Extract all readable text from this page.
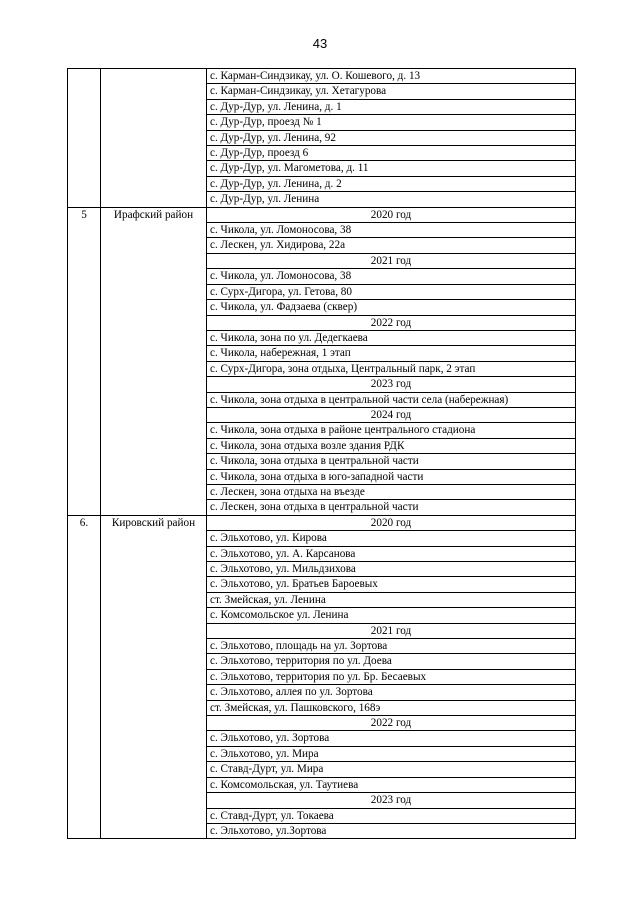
43
		с. Карман-Синдзикау, ул. О. Кошевого, д. 13
		с. Карман-Синдзикау, ул. Хетагурова
		с. Дур-Дур, ул. Ленина, д. 1
		с. Дур-Дур, проезд № 1
		с. Дур-Дур, ул. Ленина, 92
		с. Дур-Дур, проезд 6
		с. Дур-Дур, ул. Магометова, д. 11
		с. Дур-Дур, ул. Ленина, д. 2
		с. Дур-Дур, ул. Ленина
5	Ирафский район	2020 год
		с. Чикола, ул. Ломоносова, 38
		с. Лескен, ул. Хидирова, 22а
		2021 год
		с. Чикола, ул. Ломоносова, 38
		с. Сурх-Дигора, ул. Гетова, 80
		с. Чикола, ул. Фадзаева (сквер)
		2022 год
		с. Чикола, зона по ул. Дедегкаева
		с. Чикола, набережная, 1 этап
		с. Сурх-Дигора, зона отдыха, Центральный парк, 2 этап
		2023 год
		с. Чикола, зона отдыха в центральной части села (набережная)
		2024 год
		с. Чикола, зона отдыха в районе центрального стадиона
		с. Чикола, зона отдыха возле здания РДК
		с. Чикола, зона отдыха в центральной части
		с. Чикола, зона отдыха в юго-западной части
		с. Лескен, зона отдыха на въезде
		с. Лескен, зона отдыха в центральной части
6.	Кировский район	2020 год
		с. Эльхотово, ул. Кирова
		с. Эльхотово, ул. А. Карсанова
		с. Эльхотово, ул. Мильдзихова
		с. Эльхотово, ул. Братьев Бароевых
		ст. Змейская, ул. Ленина
		с. Комсомольское ул. Ленина
		2021 год
		с. Эльхотово, площадь на ул. Зортова
		с. Эльхотово, территория по ул. Доева
		с. Эльхотово, территория по ул. Бр. Бесаевых
		с. Эльхотово, аллея по ул. Зортова
		ст. Змейская, ул. Пашковского, 168э
		2022 год
		с. Эльхотово, ул. Зортова
		с. Эльхотово, ул. Мира
		с. Ставд-Дурт, ул. Мира
		с. Комсомольская, ул. Таутиева
		2023 год
		с. Ставд-Дурт, ул. Токаева
		с. Эльхотово, ул.Зортова
